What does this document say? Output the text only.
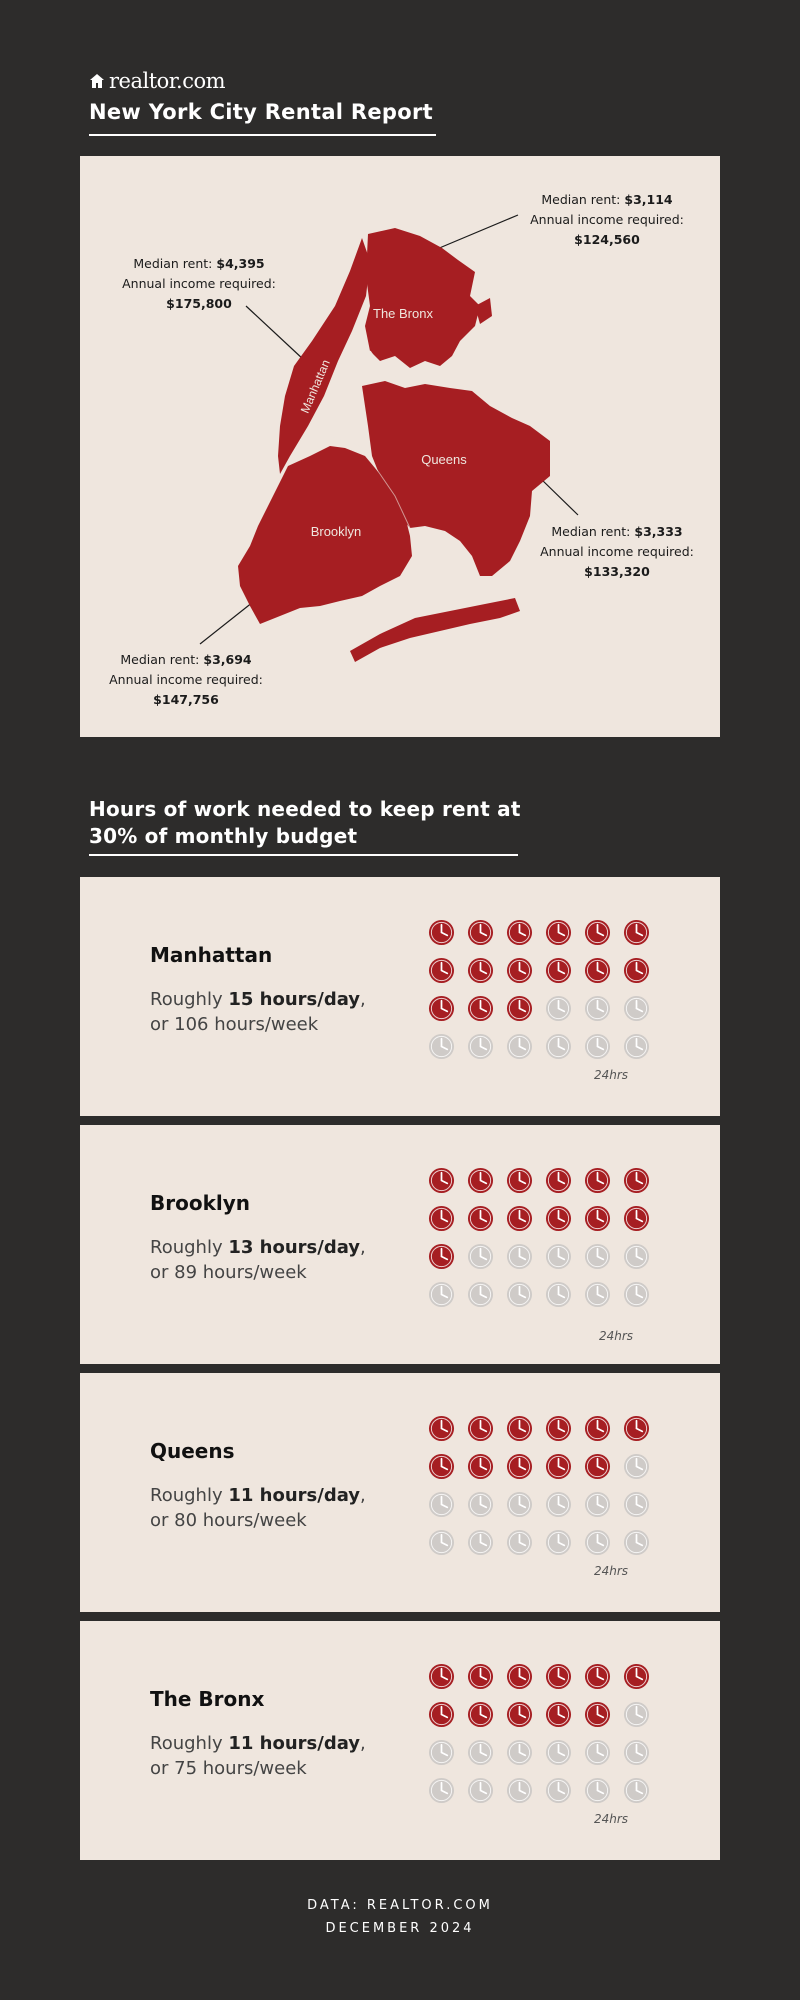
realtor.com
New York City Rental Report
The Bronx
Queens
Brooklyn
Manhattan
Median rent: $3,114
Annual income required:
$124,560
Median rent: $4,395
Annual income required:
$175,800
Median rent: $3,333
Annual income required:
$133,320
Median rent: $3,694
Annual income required:
$147,756
Hours of work needed to keep rent at 30% of monthly budget
Manhattan
Roughly 15 hours/day,
or 106 hours/week
24hrs
Brooklyn
Roughly 13 hours/day,
or 89 hours/week
24hrs
Queens
Roughly 11 hours/day,
or 80 hours/week
24hrs
The Bronx
Roughly 11 hours/day,
or 75 hours/week
24hrs
DATA: REALTOR.COM
DECEMBER 2024
